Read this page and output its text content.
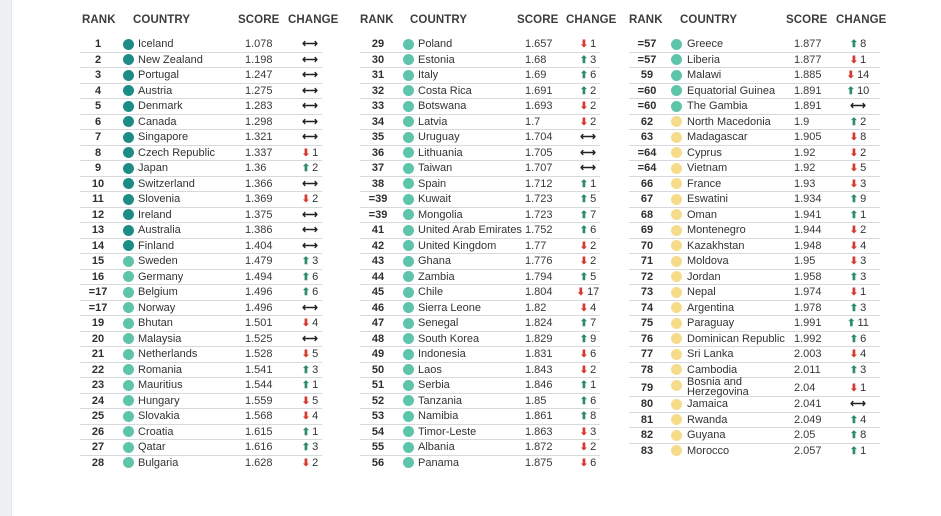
RANK COUNTRY	SCORE CHANGE
1	Iceland	1.078	⟷
2	New Zealand	1.198	⟷
3	Portugal	1.247	⟷
4	Austria	1.275	⟷
5	Denmark	1.283	⟷
6	Canada	1.298	⟷
7	Singapore	1.321	⟷
8	Czech Republic	1.337	⬇ 1
9	Japan	1.36	⬆ 2
10	Switzerland	1.366	⟷
11	Slovenia	1.369	⬇ 2
12	Ireland	1.375	⟷
13	Australia	1.386	⟷
14	Finland	1.404	⟷
15	Sweden	1.479	⬆ 3
16	Germany	1.494	⬆ 6
=17	Belgium	1.496	⬆ 6
=17	Norway	1.496	⟷
19	Bhutan	1.501	⬇ 4
20	Malaysia	1.525	⟷
21	Netherlands	1.528	⬇ 5
22	Romania	1.541	⬆ 3
23	Mauritius	1.544	⬆ 1
24	Hungary	1.559	⬇ 5
25	Slovakia	1.568	⬇ 4
26	Croatia	1.615	⬆ 1
27	Qatar	1.616	⬆ 3
28	Bulgaria	1.628	⬇ 2
RANK COUNTRY	SCORE CHANGE
29	Poland	1.657	⬇ 1
30	Estonia	1.68	⬆ 3
31	Italy	1.69	⬆ 6
32	Costa Rica	1.691	⬆ 2
33	Botswana	1.693	⬇ 2
34	Latvia	1.7	⬇ 2
35	Uruguay	1.704	⟷
36	Lithuania	1.705	⟷
37	Taiwan	1.707	⟷
38	Spain	1.712	⬆ 1
=39	Kuwait	1.723	⬆ 5
=39	Mongolia	1.723	⬆ 7
41	United Arab Emirates 1.752	⬆ 6
42	United Kingdom	1.77	⬇ 2
43	Ghana	1.776	⬇ 2
44	Zambia	1.794	⬆ 5
45	Chile	1.804	⬇ 17
46	Sierra Leone	1.82	⬇ 4
47	Senegal	1.824	⬆ 7
48	South Korea	1.829	⬆ 9
49	Indonesia	1.831	⬇ 6
50	Laos	1.843	⬇ 2
51	Serbia	1.846	⬆ 1
52	Tanzania	1.85	⬆ 6
53	Namibia	1.861	⬆ 8
54	Timor-Leste	1.863	⬇ 3
55	Albania	1.872	⬇ 2
56	Panama	1.875	⬇ 6
RANK COUNTRY	SCORE CHANGE
=57	Greece	1.877	⬆ 8
=57	Liberia	1.877	⬇ 1
59	Malawi	1.885	⬇ 14
=60	Equatorial Guinea 1.891	⬆ 10
=60	The Gambia	1.891	⟷
62	North Macedonia 1.9	⬆ 2
63	Madagascar	1.905	⬇ 8
=64	Cyprus	1.92	⬇ 2
=64	Vietnam	1.92	⬇ 5
66	France	1.93	⬇ 3
67	Eswatini	1.934	⬆ 9
68	Oman	1.941	⬆ 1
69	Montenegro	1.944	⬇ 2
70	Kazakhstan	1.948	⬇ 4
71	Moldova	1.95	⬇ 3
72	Jordan	1.958	⬆ 3
73	Nepal	1.974	⬇ 1
74	Argentina	1.978	⬆ 3
75	Paraguay	1.991	⬆ 11
76	Dominican Republic 1.992	⬆ 6
77	Sri Lanka	2.003	⬇ 4
78	Cambodia	2.011	⬆ 3
79	Bosnia and
Herzegovina	2.04	⬇ 1
80	Jamaica	2.041	⟷
81	Rwanda	2.049	⬆ 4
82	Guyana	2.05	⬆ 8
83	Morocco	2.057	⬆ 1
